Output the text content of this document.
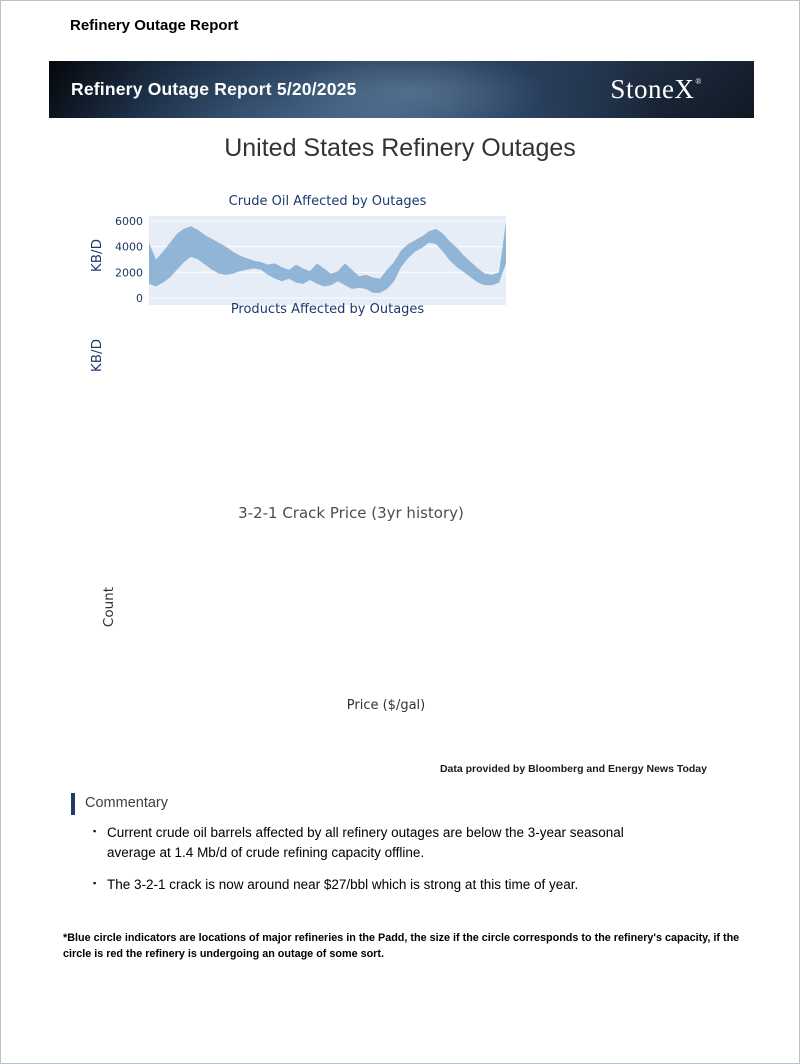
0
2000
4000
6000
Refinery Outage Report
Refinery Outage Report 5/20/2025	StoneX®
United States Refinery Outages
Crude Oil Affected by Outages
KB/D
Products Affected by Outages
KB/D
3-2-1 Crack Price (3yr history)
Count
Price ($/gal)
Data provided by Bloomberg and Energy News Today
Commentary
▪ Current crude oil barrels affected by all refinery outages are below the 3-year seasonal average at 1.4 Mb/d of crude refining capacity offline.
▪ The 3-2-1 crack is now around near $27/bbl which is strong at this time of year.
*Blue circle indicators are locations of major refineries in the Padd, the size if the circle corresponds to the refinery's capacity, if the circle is red the refinery is undergoing an outage of some sort.
